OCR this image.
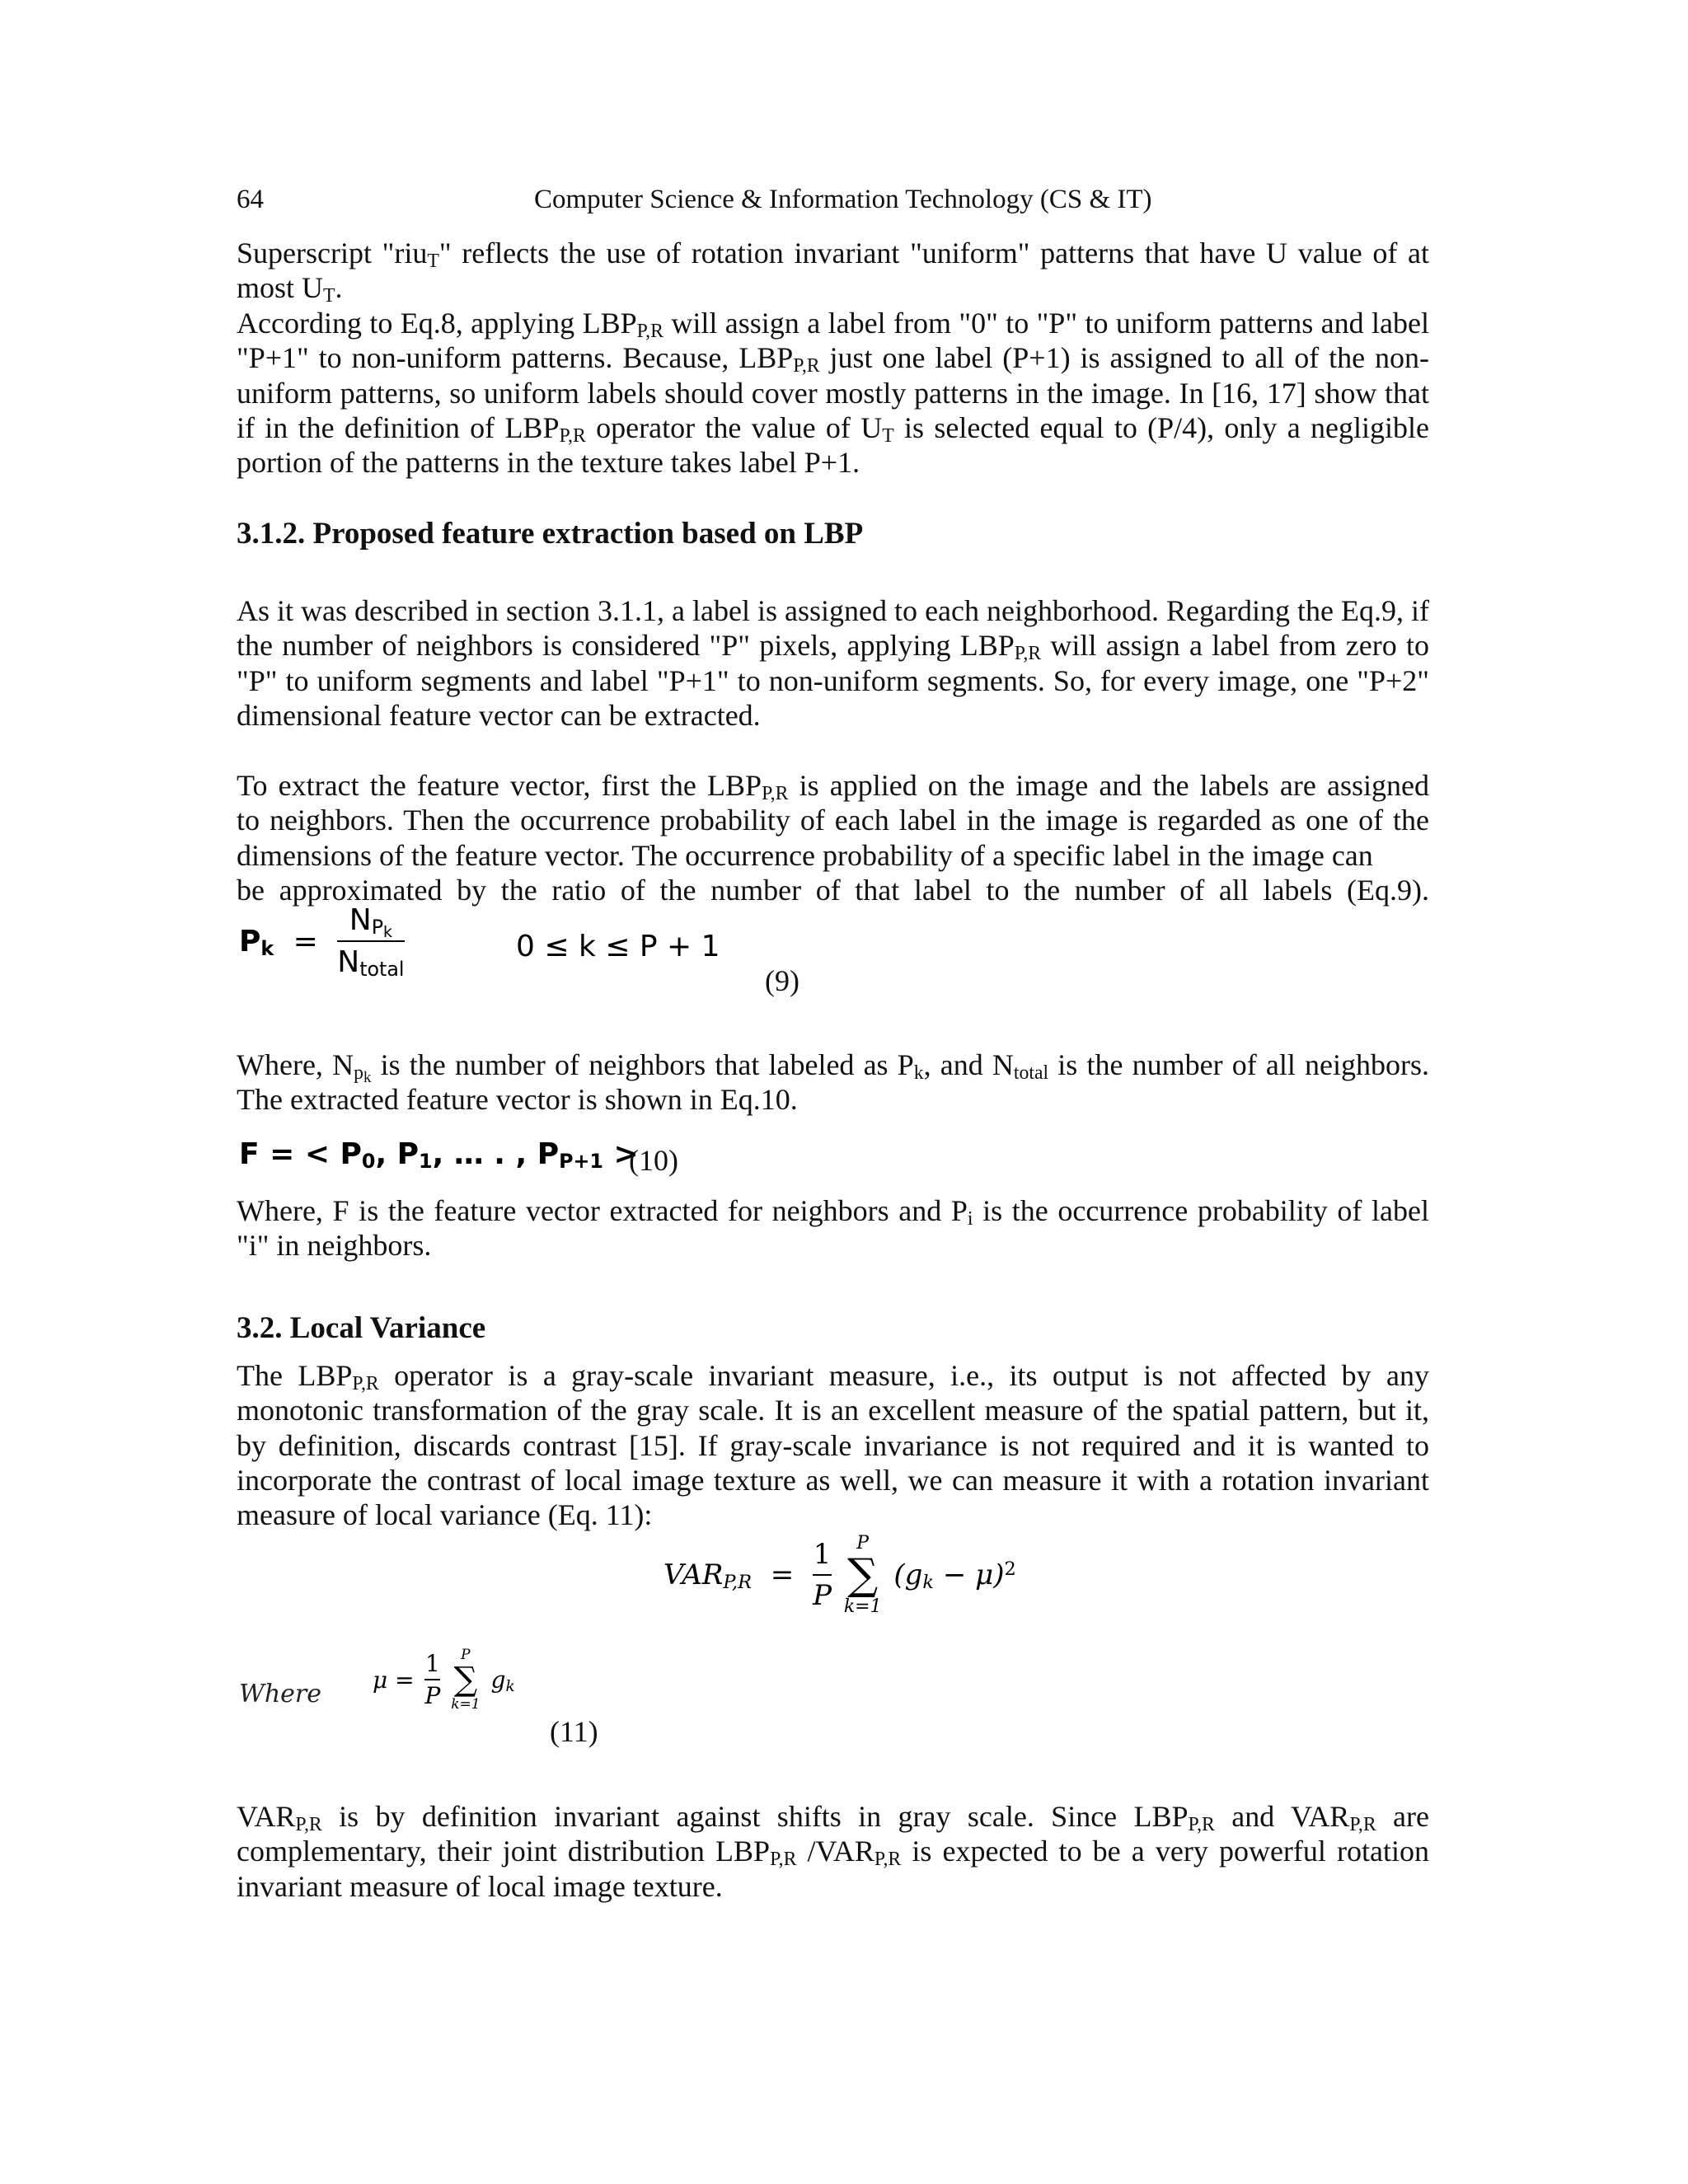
64	Computer Science & Information Technology (CS & IT)
Superscript "riu$_T$" reflects the use of rotation invariant "uniform" patterns that have U value of at most $U_T$.
According to Eq.8, applying $LBP_{P,R}$ will assign a label from "0" to "P" to uniform patterns and label "P+1" to non-uniform patterns. Because, $LBP_{P,R}$ just one label (P+1) is assigned to all of the non-uniform patterns, so uniform labels should cover mostly patterns in the image. In [16, 17] show that if in the definition of $LBP_{P,R}$ operator the value of $U_T$ is selected equal to (P/4), only a negligible portion of the patterns in the texture takes label P+1.
3.1.2. Proposed feature extraction based on LBP
As it was described in section 3.1.1, a label is assigned to each neighborhood. Regarding the Eq.9, if the number of neighbors is considered "P" pixels, applying $LBP_{P,R}$ will assign a label from zero to "P" to uniform segments and label "P+1" to non-uniform segments. So, for every image, one "P+2" dimensional feature vector can be extracted.
To extract the feature vector, first the $LBP_{P,R}$ is applied on the image and the labels are assigned
to neighbors. Then the occurrence probability of each label in the image is regarded as one of the
dimensions of the feature vector. The occurrence probability of a specific label in the image can
be approximated by the ratio of the number of that label to the number of all labels (Eq.9).
$P_k = \frac{N_{P_k}}{N_{total}}$	0 ≤ k ≤ P + 1
(9)
Where, $N_{p_k}$ is the number of neighbors that labeled as $P_k$, and $N_{total}$ is the number of all neighbors. The extracted feature vector is shown in Eq.10.
F = < $P_0$, $P_1$, … . , $P_{P+1}$ >
(10)
Where, F is the feature vector extracted for neighbors and $P_i$ is the occurrence probability of label "i" in neighbors.
3.2. Local Variance
The $LBP_{P,R}$ operator is a gray-scale invariant measure, i.e., its output is not affected by any monotonic transformation of the gray scale. It is an excellent measure of the spatial pattern, but it, by definition, discards contrast [15]. If gray-scale invariance is not required and it is wanted to incorporate the contrast of local image texture as well, we can measure it with a rotation invariant measure of local variance (Eq. 11):
$VAR_{P,R} = \frac{1}{P}$
P
∑
k=1
$(g_k - \mu)^2$
Where $\mu = \frac{1}{P}$
P
∑
k=1
$g_k$
(11)
$VAR_{P,R}$ is by definition invariant against shifts in gray scale. Since $LBP_{P,R}$ and $VAR_{P,R}$ are complementary, their joint distribution $LBP_{P,R}$ $/VAR_{P,R}$ is expected to be a very powerful rotation invariant measure of local image texture.
